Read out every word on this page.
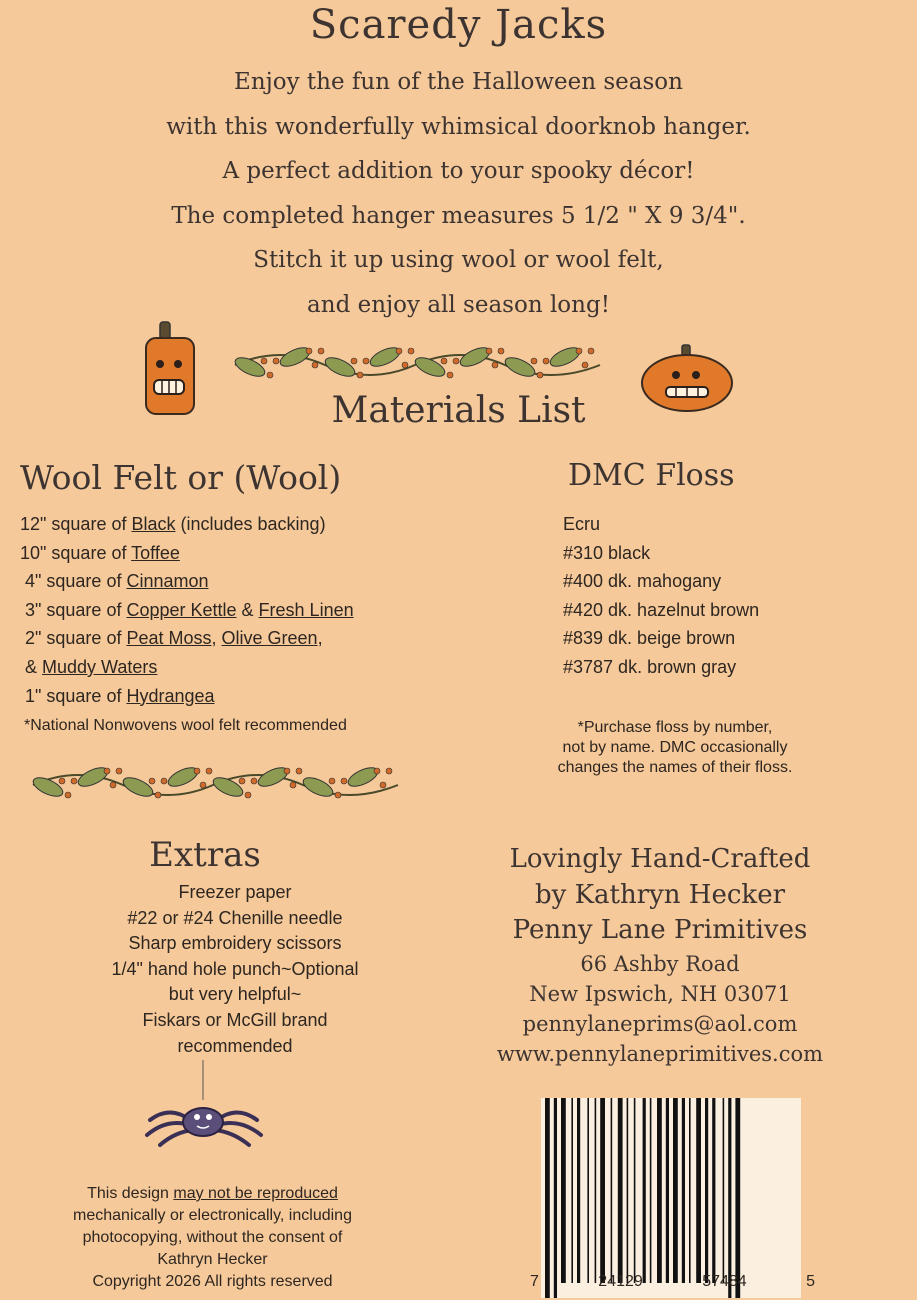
Scaredy Jacks
Enjoy the fun of the Halloween season
with this wonderfully whimsical doorknob hanger.
A perfect addition to your spooky décor!
The completed hanger measures 5 1/2 " X 9 3/4".
Stitch it up using wool or wool felt,
and enjoy all season long!
Materials List
Wool Felt or (Wool)
12" square of Black (includes backing)
10" square of Toffee
4" square of Cinnamon
3" square of Copper Kettle & Fresh Linen
2" square of Peat Moss, Olive Green,
& Muddy Waters
1" square of Hydrangea
*National Nonwovens wool felt recommended
DMC Floss
Ecru
#310 black
#400 dk. mahogany
#420 dk. hazelnut brown
#839 dk. beige brown
#3787 dk. brown gray
*Purchase floss by number,
not by name. DMC occasionally
changes the names of their floss.
Extras
Freezer paper
#22 or #24 Chenille needle
Sharp embroidery scissors
1/4" hand hole punch~Optional
but very helpful~
Fiskars or McGill brand
recommended
Lovingly Hand-Crafted
by Kathryn Hecker
Penny Lane Primitives
66 Ashby Road
New Ipswich, NH 03071
pennylaneprims@aol.com
www.pennylaneprimitives.com
This design may not be reproduced
mechanically or electronically, including
photocopying, without the consent of
Kathryn Hecker
Copyright 2026 All rights reserved	7	24129	57484	5
